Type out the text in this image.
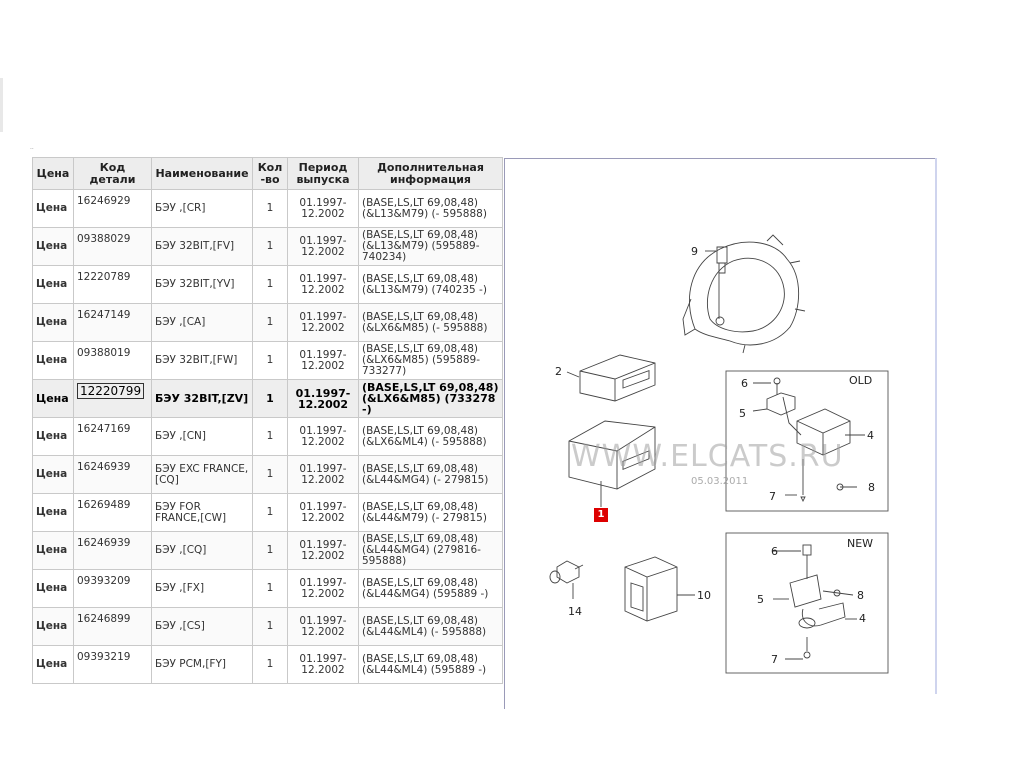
··
Цена	Код детали	Наименование	Кол -во	Период выпуска	Дополнительная информация
Цена	16246929	БЭУ ,[CR]	1	01.1997-12.2002	(BASE,LS,LT 69,08,48) (&L13&M79) (- 595888)
Цена	09388029	БЭУ 32BIT,[FV]	1	01.1997-12.2002	(BASE,LS,LT 69,08,48) (&L13&M79) (595889-740234)
Цена	12220789	БЭУ 32BIT,[YV]	1	01.1997-12.2002	(BASE,LS,LT 69,08,48) (&L13&M79) (740235 -)
Цена	16247149	БЭУ ,[CA]	1	01.1997-12.2002	(BASE,LS,LT 69,08,48) (&LX6&M85) (- 595888)
Цена	09388019	БЭУ 32BIT,[FW]	1	01.1997-12.2002	(BASE,LS,LT 69,08,48) (&LX6&M85) (595889-733277)
Цена	12220799	БЭУ 32BIT,[ZV]	1	01.1997-12.2002	(BASE,LS,LT 69,08,48) (&LX6&M85) (733278 -)
Цена	16247169	БЭУ ,[CN]	1	01.1997-12.2002	(BASE,LS,LT 69,08,48) (&LX6&ML4) (- 595888)
Цена	16246939	БЭУ EXC FRANCE,[CQ]	1	01.1997-12.2002	(BASE,LS,LT 69,08,48) (&L44&MG4) (- 279815)
Цена	16269489	БЭУ FOR FRANCE,[CW]	1	01.1997-12.2002	(BASE,LS,LT 69,08,48) (&L44&M79) (- 279815)
Цена	16246939	БЭУ ,[CQ]	1	01.1997-12.2002	(BASE,LS,LT 69,08,48) (&L44&MG4) (279816-595888)
Цена	09393209	БЭУ ,[FX]	1	01.1997-12.2002	(BASE,LS,LT 69,08,48) (&L44&MG4) (595889 -)
Цена	16246899	БЭУ ,[CS]	1	01.1997-12.2002	(BASE,LS,LT 69,08,48) (&L44&ML4) (- 595888)
Цена	09393219	БЭУ PCM,[FY]	1	01.1997-12.2002	(BASE,LS,LT 69,08,48) (&L44&ML4) (595889 -)
9
2
OLD
6
5
4
7
8
NEW
6
5	8
4
7
14
10
WWW.ELCATS.RU
05.03.2011
1
